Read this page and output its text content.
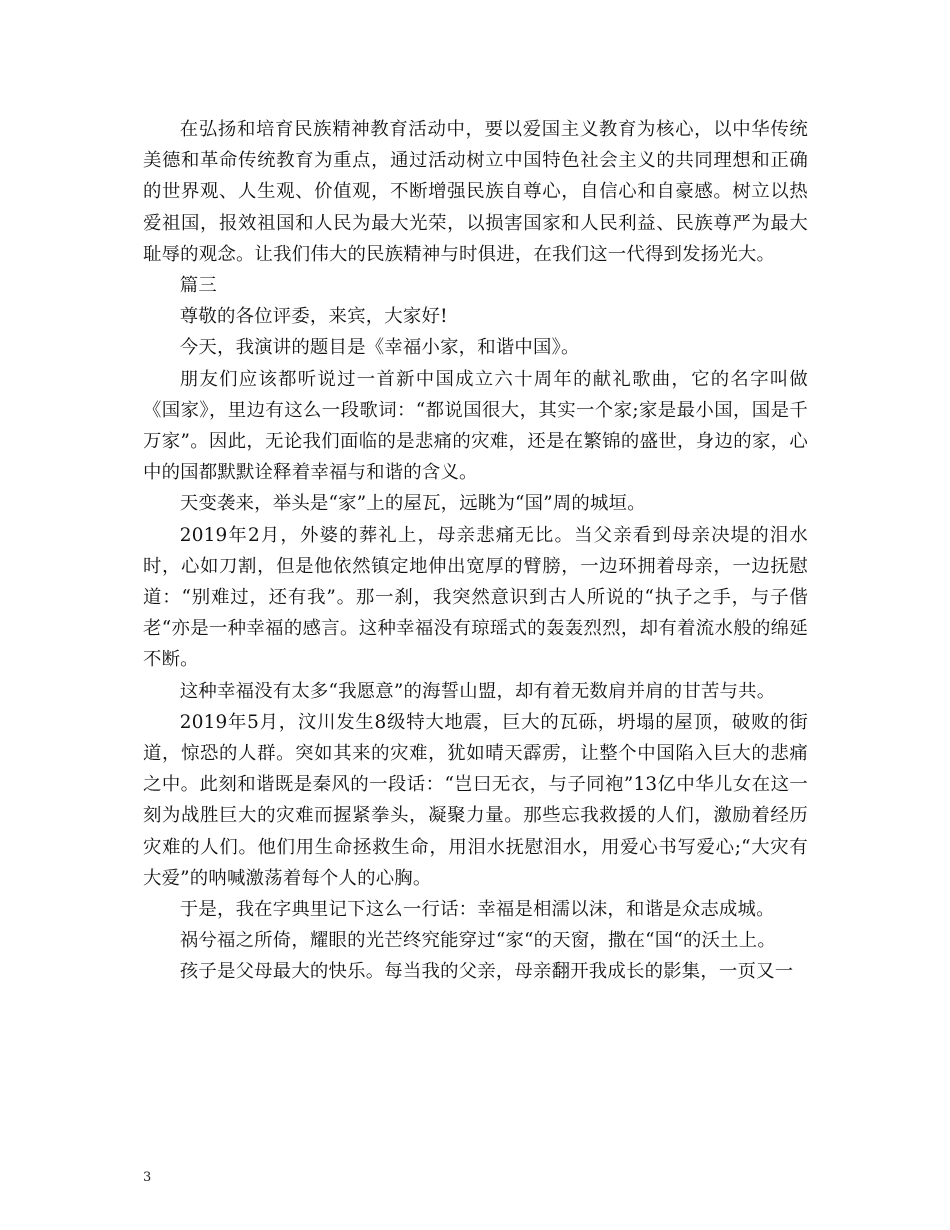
在弘扬和培育民族精神教育活动中，要以爱国主义教育为核心，以中华传统美德和革命传统教育为重点，通过活动树立中国特色社会主义的共同理想和正确的世界观、人生观、价值观，不断增强民族自尊心，自信心和自豪感。树立以热爱祖国，报效祖国和人民为最大光荣，以损害国家和人民利益、民族尊严为最大耻辱的观念。让我们伟大的民族精神与时俱进，在我们这一代得到发扬光大。

篇三

尊敬的各位评委，来宾，大家好!

今天，我演讲的题目是《幸福小家，和谐中国》。

朋友们应该都听说过一首新中国成立六十周年的献礼歌曲，它的名字叫做《国家》，里边有这么一段歌词：“都说国很大，其实一个家;家是最小国，国是千万家”。因此，无论我们面临的是悲痛的灾难，还是在繁锦的盛世，身边的家，心中的国都默默诠释着幸福与和谐的含义。

天变袭来，举头是“家”上的屋瓦，远眺为“国”周的城垣。

2019年2月，外婆的葬礼上，母亲悲痛无比。当父亲看到母亲决堤的泪水时，心如刀割，但是他依然镇定地伸出宽厚的臂膀，一边环拥着母亲，一边抚慰道：“别难过，还有我”。那一刹，我突然意识到古人所说的“执子之手，与子偕老“亦是一种幸福的感言。这种幸福没有琼瑶式的轰轰烈烈，却有着流水般的绵延不断。

这种幸福没有太多“我愿意”的海誓山盟，却有着无数肩并肩的甘苦与共。

2019年5月，汶川发生8级特大地震，巨大的瓦砾，坍塌的屋顶，破败的街道，惊恐的人群。突如其来的灾难，犹如晴天霹雳，让整个中国陷入巨大的悲痛之中。此刻和谐既是秦风的一段话：“岂曰无衣，与子同袍”13亿中华儿女在这一刻为战胜巨大的灾难而握紧拳头，凝聚力量。那些忘我救援的人们，激励着经历灾难的人们。他们用生命拯救生命，用泪水抚慰泪水，用爱心书写爱心;“大灾有大爱”的呐喊激荡着每个人的心胸。

于是，我在字典里记下这么一行话：幸福是相濡以沫，和谐是众志成城。

祸兮福之所倚，耀眼的光芒终究能穿过“家“的天窗，撒在“国“的沃土上。

孩子是父母最大的快乐。每当我的父亲，母亲翻开我成长的影集，一页又一

3
